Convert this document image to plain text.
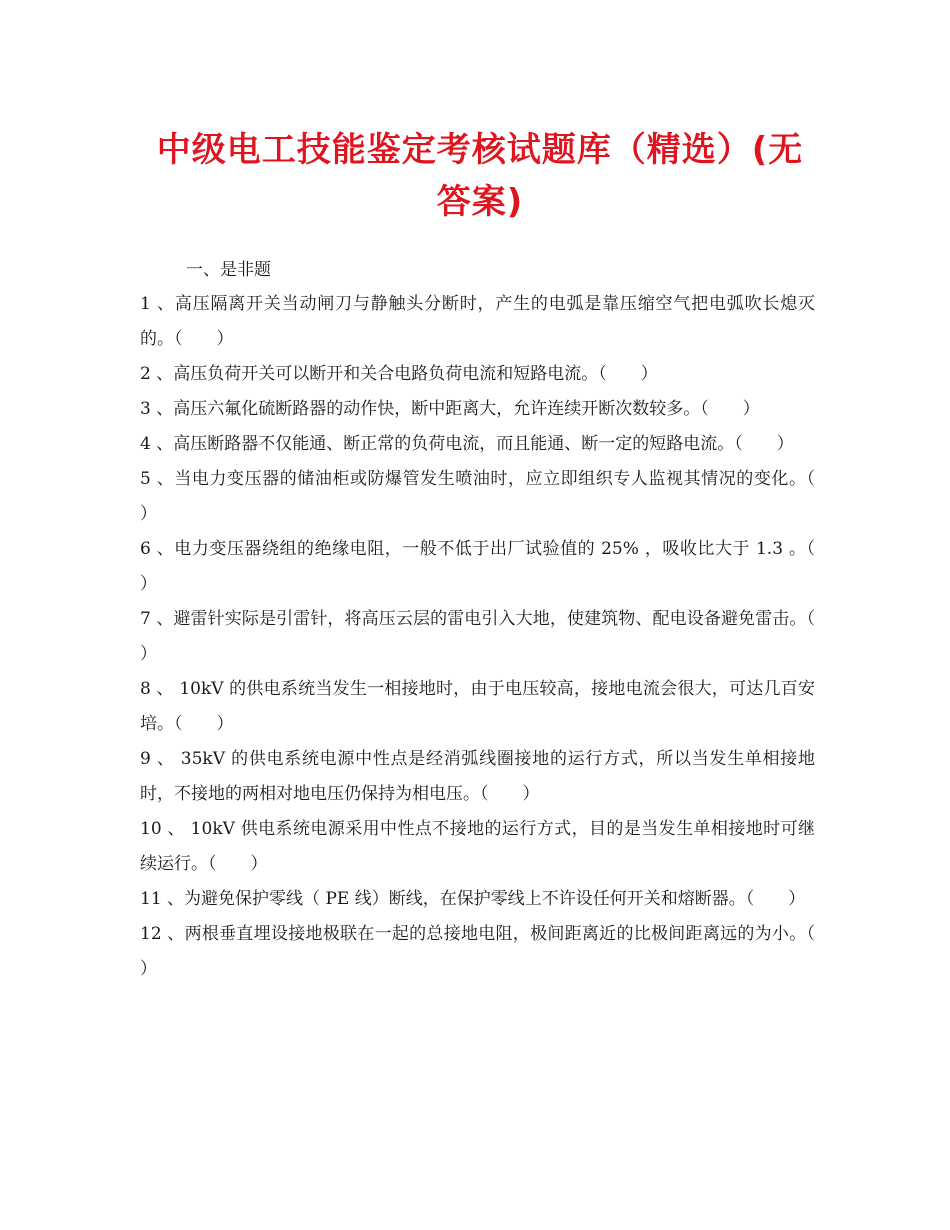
中级电工技能鉴定考核试题库（精选）(无答案)

一、是非题

1 、高压隔离开关当动闸刀与静触头分断时，产生的电弧是靠压缩空气把电弧吹长熄灭的。（　　）
2 、高压负荷开关可以断开和关合电路负荷电流和短路电流。（　　）
3 、高压六氟化硫断路器的动作快，断中距离大，允许连续开断次数较多。（　　）
4 、高压断路器不仅能通、断正常的负荷电流，而且能通、断一定的短路电流。（　　）
5 、当电力变压器的储油柜或防爆管发生喷油时，应立即组织专人监视其情况的变化。（　　）
6 、电力变压器绕组的绝缘电阻，一般不低于出厂试验值的 25% ，吸收比大于 1.3 。（　　）
7 、避雷针实际是引雷针，将高压云层的雷电引入大地，使建筑物、配电设备避免雷击。（　　）
8 、 10kV 的供电系统当发生一相接地时，由于电压较高，接地电流会很大，可达几百安培。（　　）
9 、 35kV 的供电系统电源中性点是经消弧线圈接地的运行方式，所以当发生单相接地时，不接地的两相对地电压仍保持为相电压。（　　）
10 、 10kV 供电系统电源采用中性点不接地的运行方式，目的是当发生单相接地时可继续运行。（　　）
11 、为避免保护零线（ PE 线）断线，在保护零线上不许设任何开关和熔断器。（　　）
12 、两根垂直埋设接地极联在一起的总接地电阻，极间距离近的比极间距离远的为小。（　　）
